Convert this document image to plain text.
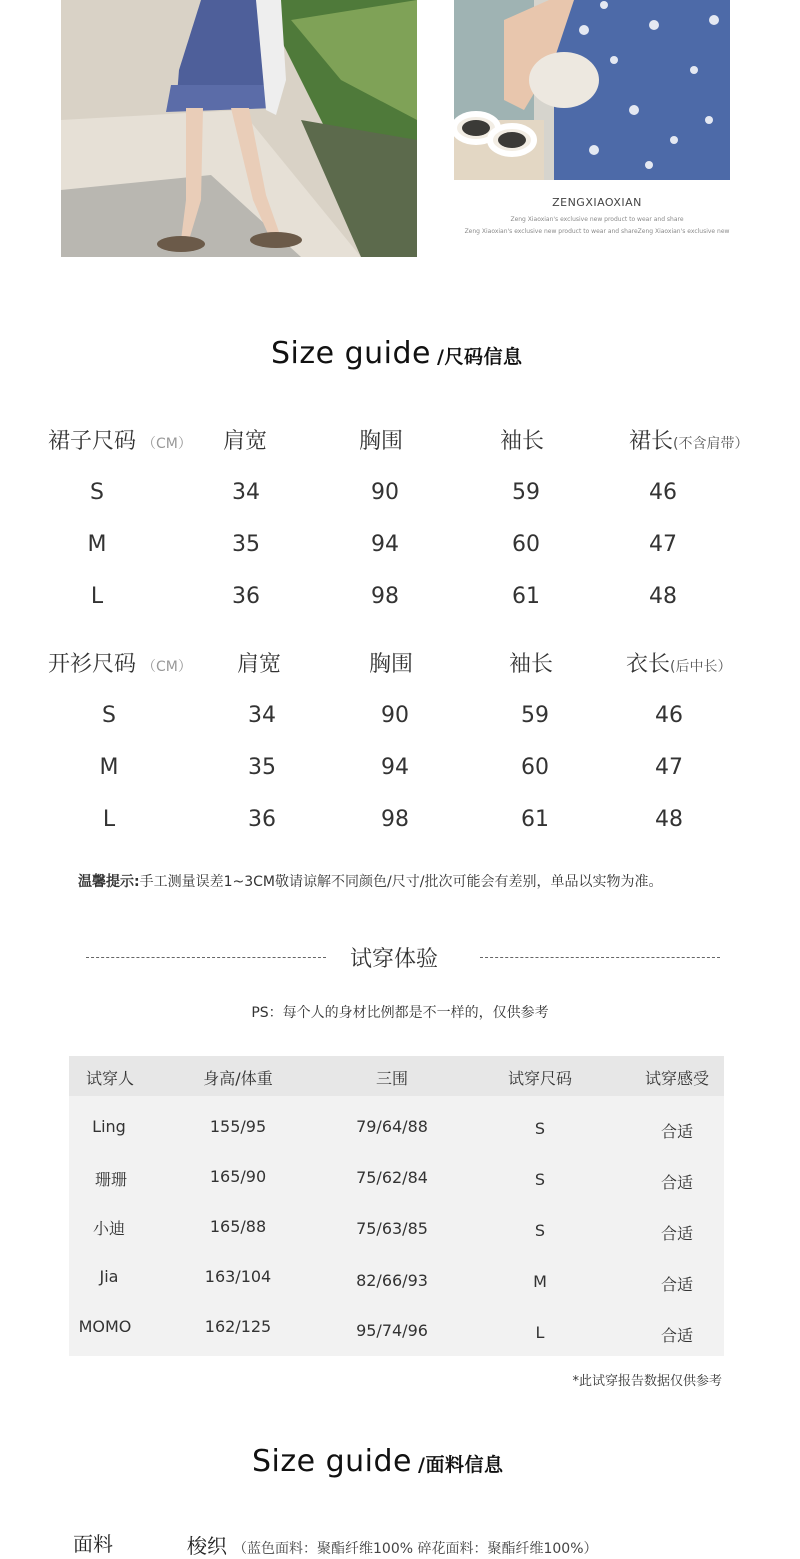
ZENGXIAOXIAN
Zeng Xiaoxian's exclusive new product to wear and share
Zeng Xiaoxian's exclusive new product to wear and shareZeng Xiaoxian's exclusive new
Size guide /尺码信息
裙子尺码 （CM） 肩宽	胸围	袖长	裙长(不含肩带）
S	34	90	59	46
M	35	94	60	47
L	36	98	61	48
开衫尺码 （CM） 肩宽	胸围	袖长	衣长(后中长）
S	34	90	59	46
M	35	94	60	47
L	36	98	61	48
温馨提示:手工测量误差1~3CM敬请谅解不同颜色/尺寸/批次可能会有差别，单品以实物为准。
试穿体验
PS：每个人的身材比例都是不一样的，仅供参考
试穿人	身高/体重	三围	试穿尺码	试穿感受
Ling	155/95	79/64/88	S	合适
珊珊	165/90	75/62/84	S	合适
小迪	165/88	75/63/85	S	合适
Jia	163/104	82/66/93	M	合适
MOMO	162/125	95/74/96	L	合适
*此试穿报告数据仅供参考
Size guide /面料信息
面料	梭织 （蓝色面料：聚酯纤维100% 碎花面料：聚酯纤维100%）
